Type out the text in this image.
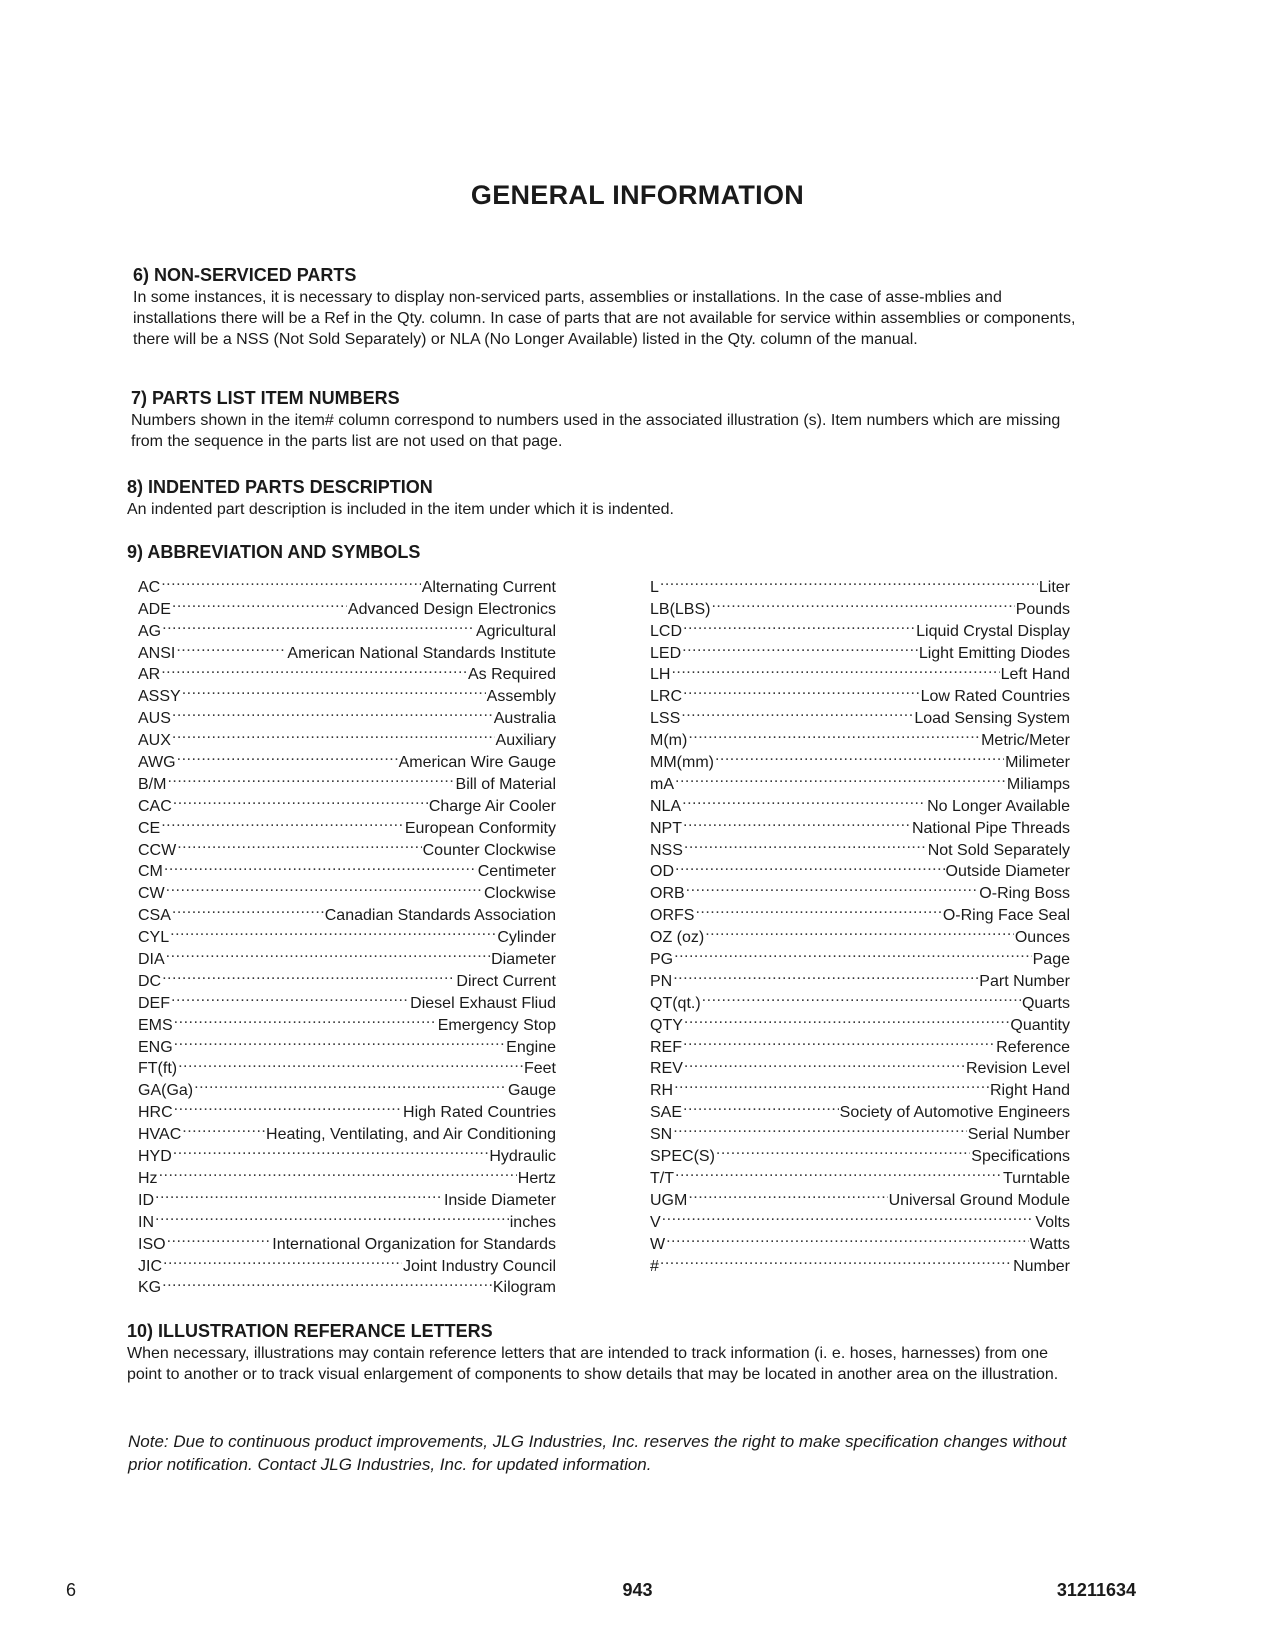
GENERAL INFORMATION
6) NON-SERVICED PARTS

In some instances, it is necessary to display non-serviced parts, assemblies or installations. In the case of asse-mblies and installations there will be a Ref in the Qty. column. In case of parts that are not available for service within assemblies or components, there will be a NSS (Not Sold Separately) or NLA (No Longer Available) listed in the Qty. column of the manual.

7) PARTS LIST ITEM NUMBERS

Numbers shown in the item# column correspond to numbers used in the associated illustration (s). Item numbers which are missing from the sequence in the parts list are not used on that page.

8) INDENTED PARTS DESCRIPTION

An indented part description is included in the item under which it is indented.

9) ABBREVIATION AND SYMBOLS
AC .....	Alternating Current
ADE .....	Advanced Design Electronics
AG .....	Agricultural
ANSI .....	American National Standards Institute
AR .....	As Required
ASSY .....	Assembly
AUS .....	Australia
AUX .....	Auxiliary
AWG .....	American Wire Gauge
B/M .....	Bill of Material
CAC .....	Charge Air Cooler
CE .....	European Conformity
CCW .....	Counter Clockwise
CM .....	Centimeter
CW .....	Clockwise
CSA .....	Canadian Standards Association
CYL .....	Cylinder
DIA .....	Diameter
DC .....	Direct Current
DEF .....	Diesel Exhaust Fliud
EMS .....	Emergency Stop
ENG .....	Engine
FT(ft) .....	Feet
GA(Ga) .....	Gauge
HRC .....	High Rated Countries
HVAC .....	Heating, Ventilating, and Air Conditioning
HYD .....	Hydraulic
Hz .....	Hertz
ID .....	Inside Diameter
IN .....	inches
ISO .....	International Organization for Standards
JIC .....	Joint Industry Council
KG .....	Kilogram
L .....	Liter
LB(LBS) .....	Pounds
LCD .....	Liquid Crystal Display
LED .....	Light Emitting Diodes
LH .....	Left Hand
LRC .....	Low Rated Countries
LSS .....	Load Sensing System
M(m) .....	Metric/Meter
MM(mm) .....	Milimeter
mA .....	Miliamps
NLA .....	No Longer Available
NPT .....	National Pipe Threads
NSS .....	Not Sold Separately
OD .....	Outside Diameter
ORB .....	O-Ring Boss
ORFS .....	O-Ring Face Seal
OZ (oz) .....	Ounces
PG .....	Page
PN .....	Part Number
QT(qt.) .....	Quarts
QTY .....	Quantity
REF .....	Reference
REV .....	Revision Level
RH .....	Right Hand
SAE .....	Society of Automotive Engineers
SN .....	Serial Number
SPEC(S) .....	Specifications
T/T .....	Turntable
UGM .....	Universal Ground Module
V .....	Volts
W .....	Watts
# .....	Number
10) ILLUSTRATION REFERANCE LETTERS

When necessary, illustrations may contain reference letters that are intended to track information (i. e. hoses, harnesses) from one point to another or to track visual enlargement of components to show details that may be located in another area on the illustration.

Note: Due to continuous product improvements, JLG Industries, Inc. reserves the right to make specification changes without prior notification. Contact JLG Industries, Inc. for updated information.
6	943	31211634
